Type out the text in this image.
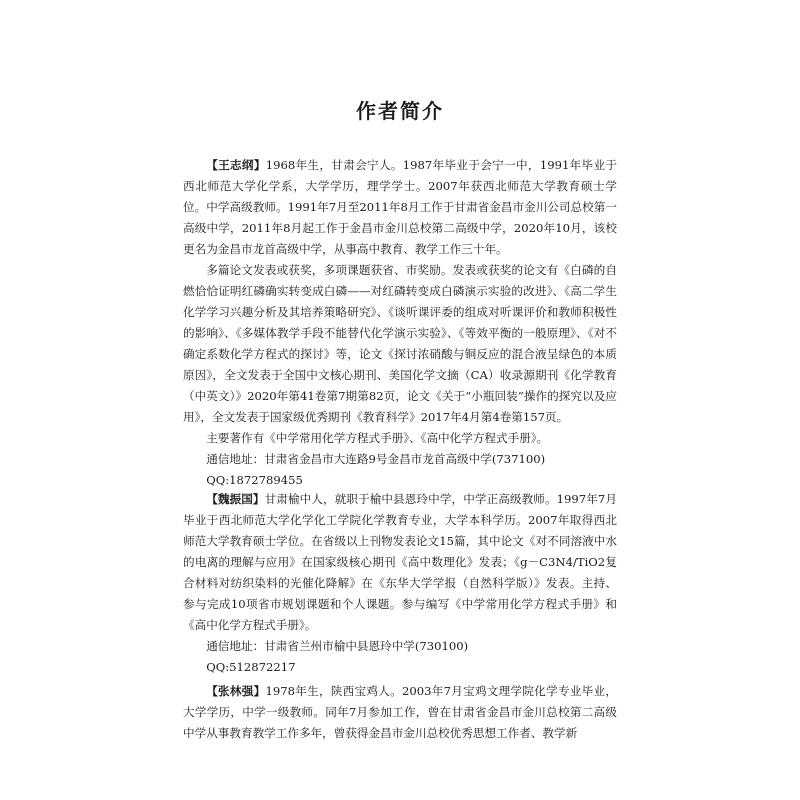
作者简介

【王志纲】1968年生，甘肃会宁人。1987年毕业于会宁一中，1991年毕业于西北师范大学化学系，大学学历，理学学士。2007年获西北师范大学教育硕士学位。中学高级教师。1991年7月至2011年8月工作于甘肃省金昌市金川公司总校第一高级中学，2011年8月起工作于金昌市金川总校第二高级中学，2020年10月，该校更名为金昌市龙首高级中学，从事高中教育、教学工作三十年。

多篇论文发表或获奖，多项课题获省、市奖励。发表或获奖的论文有《白磷的自燃恰恰证明红磷确实转变成白磷——对红磷转变成白磷演示实验的改进》、《高二学生化学学习兴趣分析及其培养策略研究》、《谈听课评委的组成对听课评价和教师积极性的影响》、《多媒体教学手段不能替代化学演示实验》、《等效平衡的一般原理》、《对不确定系数化学方程式的探讨》等，论文《探讨浓硝酸与铜反应的混合液呈绿色的本质原因》，全文发表于全国中文核心期刊、美国化学文摘（CA）收录源期刊《化学教育（中英文）》2020年第41卷第7期第82页，论文《关于“小瓶回装”操作的探究以及应用》，全文发表于国家级优秀期刊《教育科学》2017年4月第4卷第157页。

主要著作有《中学常用化学方程式手册》、《高中化学方程式手册》。

通信地址：甘肃省金昌市大连路9号金昌市龙首高级中学(737100)

QQ:1872789455

【魏振国】甘肃榆中人，就职于榆中县恩玲中学，中学正高级教师。1997年7月毕业于西北师范大学化学化工学院化学教育专业，大学本科学历。2007年取得西北师范大学教育硕士学位。在省级以上刊物发表论文15篇，其中论文《对不同溶液中水的电离的理解与应用》在国家级核心期刊《高中数理化》发表；《g－C3N4/TiO2复合材料对纺织染料的光催化降解》在《东华大学学报（自然科学版）》发表。主持、参与完成10项省市规划课题和个人课题。参与编写《中学常用化学方程式手册》和《高中化学方程式手册》。

通信地址：甘肃省兰州市榆中县恩玲中学(730100)

QQ:512872217

【张林强】1978年生，陕西宝鸡人。2003年7月宝鸡文理学院化学专业毕业，大学学历，中学一级教师。同年7月参加工作，曾在甘肃省金昌市金川总校第二高级中学从事教育教学工作多年，曾获得金昌市金川总校优秀思想工作者、教学新
